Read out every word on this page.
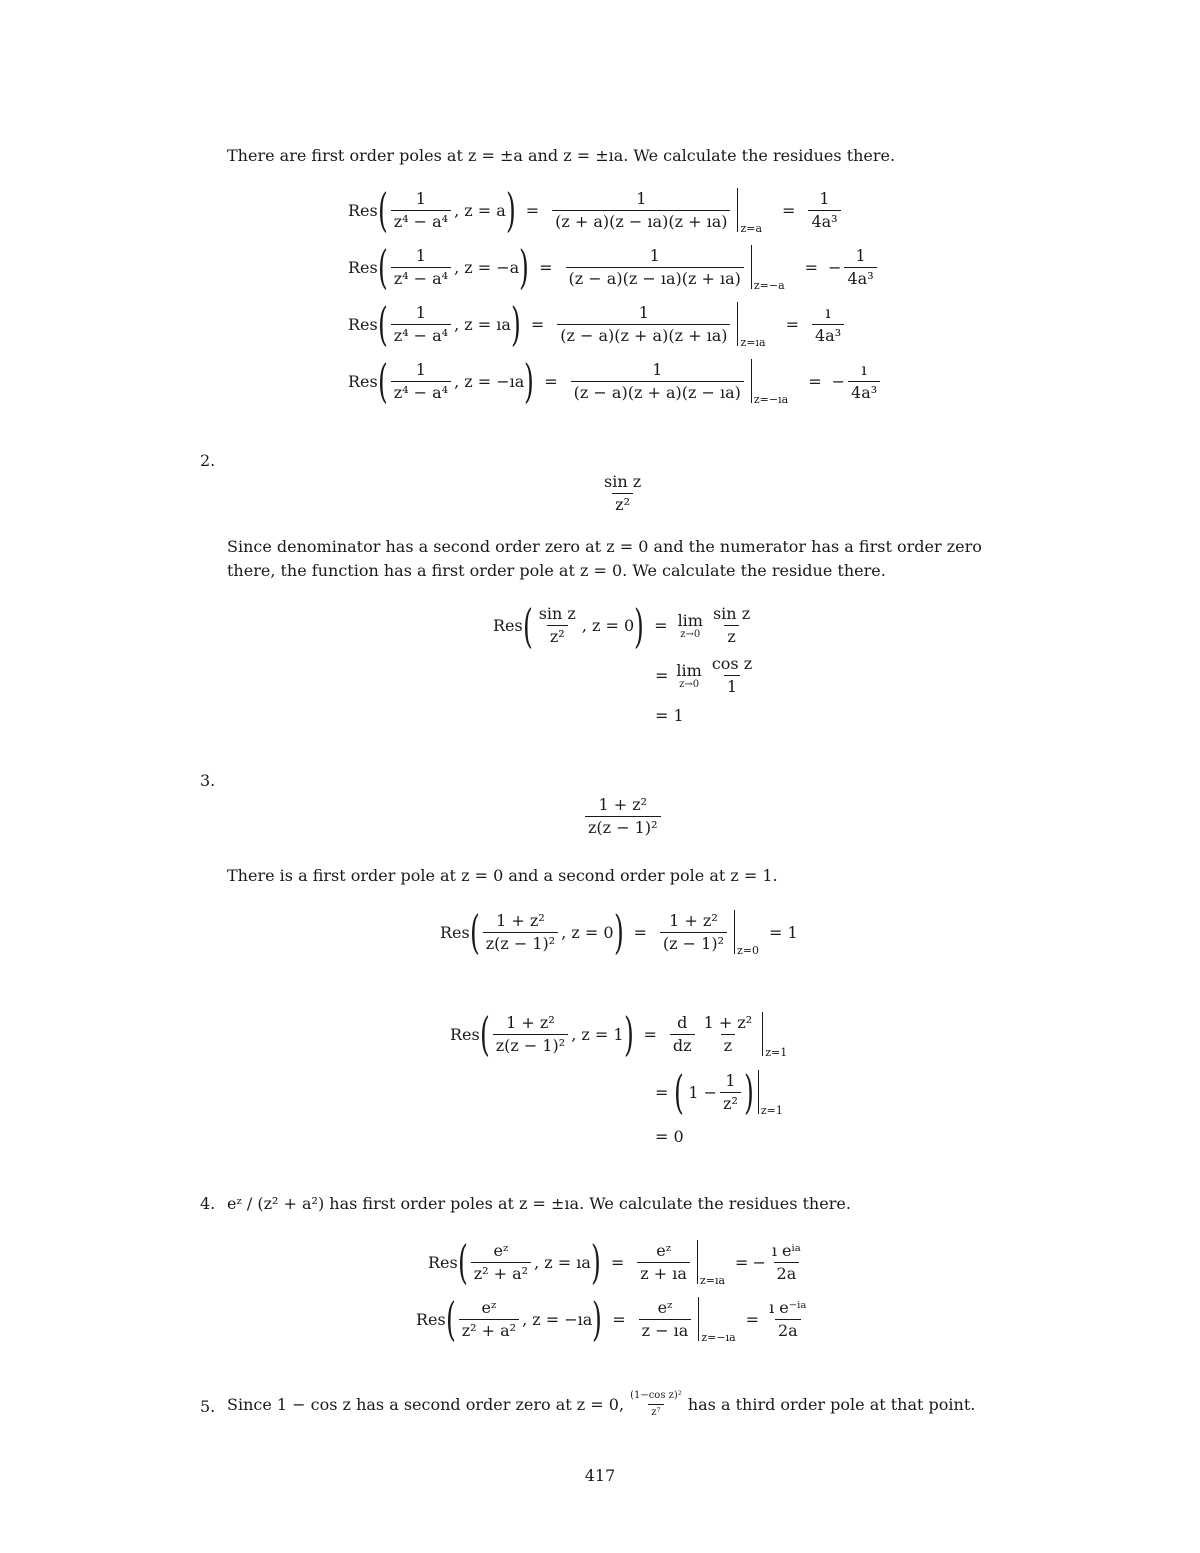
There are first order poles at z = ±a and z = ±ıa. We calculate the residues there.
Res ( $\frac{1}{\text{z⁴ − a⁴}}$ , z = a ) = $\frac{1}{(z + a)(z - ıa)(z + ıa)} z=a$
= $\frac{1}{\text{4a³}}$
Res ( $\frac{1}{\text{z⁴ − a⁴}}$ , z = −a ) = $\frac{1}{(z - a)(z - ıa)(z + ıa)} z=-a$
= − $\frac{1}{\text{4a³}}$
Res ( $\frac{1}{\text{z⁴ − a⁴}}$ , z = ıa ) = $\frac{1}{(z - a)(z + a)(z + ıa)}$ z=ıa
= $\frac{ı}{\text{4a³}}$
Res ( $\frac{1}{\text{z⁴ − a⁴}}$ , z = −ıa ) = $\frac{1}{(z - a)(z + a)(z - ıa)}$ z=−ıa
= − $\frac{ı}{\text{4a³}}$
2.
$\frac{\text{sin z}}{\text{z²}}$
Since denominator has a second order zero at z = 0 and the numerator has a first order zero
there, the function has a first order pole at z = 0. We calculate the residue there.
Res ( $\frac{\text{sin z}}{\text{z²}}$ , z = 0 ) = lim
$z\to 0 \frac{\text{sin z}}{z}$
= lim
$z\to 0 \frac{\text{cos z}}{1}$
= 1
3.
$\frac{\text{1 + z²}}{\text{z(z − 1)²}}$
There is a first order pole at z = 0 and a second order pole at z = 1.
Res ( $\frac{\text{1 + z²}}{\text{z(z − 1)²}}$ , z = 0 ) = $\frac{\text{1 + z²}}{\text{(z − 1)²}} z=0$
= 1
Res ( $\frac{\text{1 + z²}}{\text{z(z − 1)²}}$ , z = 1 ) = $\frac{d}{dz} \frac{\text{1 + z²}}{z} z=1$
= ( $1 - \frac{1}{\text{z²}}$ ) z=1
= 0
4. eᶻ / (z² + a²) has first order poles at z = ±ıa. We calculate the residues there.
Res ( $\frac{\text{eᶻ}}{\text{z² + a²}}$ , z = ıa ) = $\frac{\text{eᶻ}}{z + ıa}$ z=ıa
= − $\frac{\text{ı eⁱᵃ}}{2a}$
Res ( $\frac{\text{eᶻ}}{\text{z² + a²}}$ , z = −ıa ) = $\frac{\text{eᶻ}}{z - ıa}$ z=−ıa
= $\frac{\text{ı e⁻ⁱᵃ}}{2a}$
5. Since 1 − cos z has a second order zero at z = 0, $\frac{\text{(1−cos z)²}}{\text{z⁷}}$ has a third order pole at that point.
417
